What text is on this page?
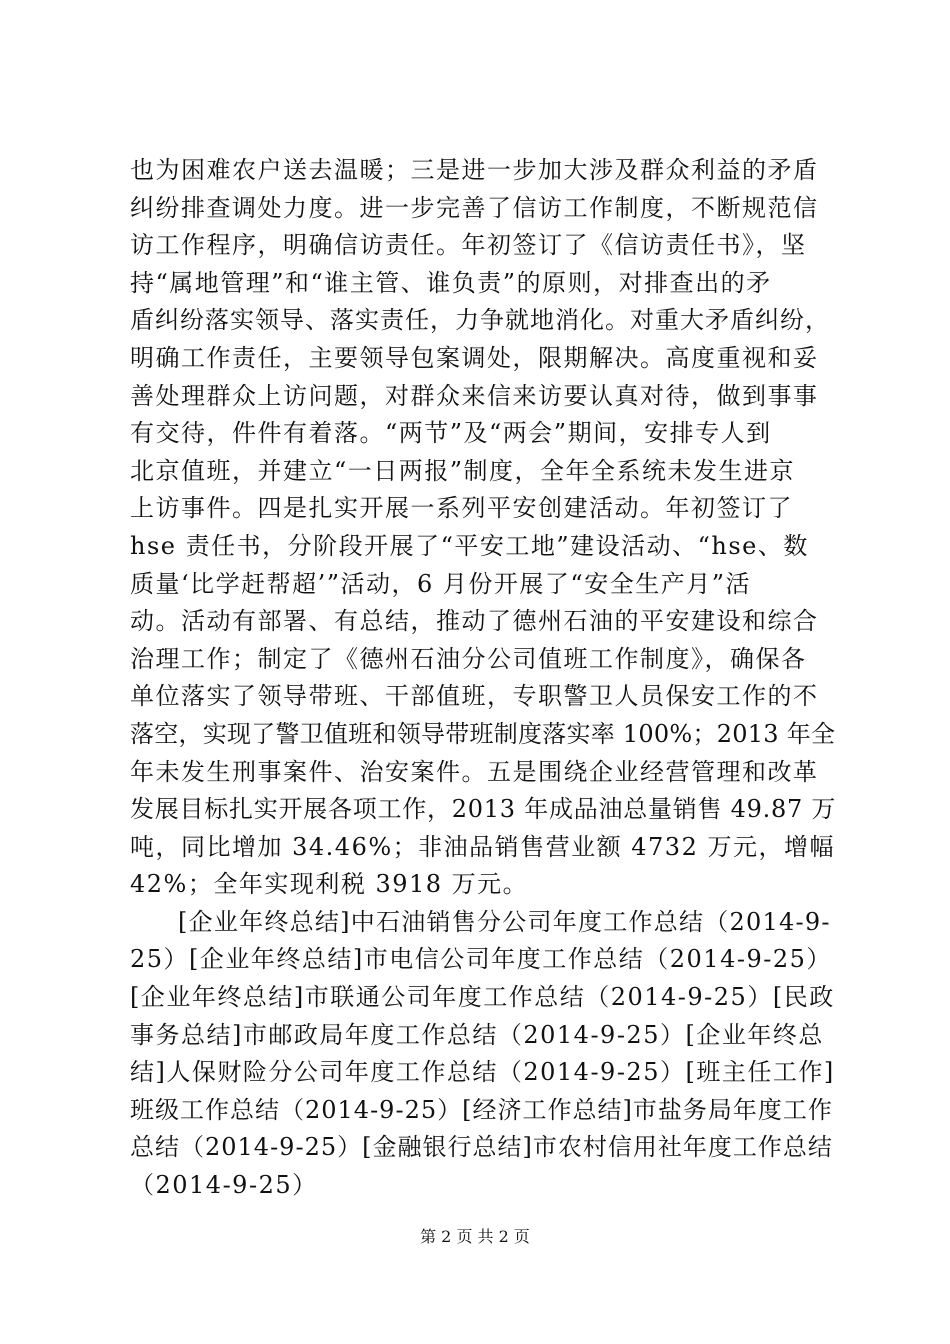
也为困难农户送去温暖；三是进一步加大涉及群众利益的矛盾
纠纷排查调处力度。进一步完善了信访工作制度，不断规范信
访工作程序，明确信访责任。年初签订了《信访责任书》，坚
持“属地管理”和“谁主管、谁负责”的原则，对排查出的矛
盾纠纷落实领导、落实责任，力争就地消化。对重大矛盾纠纷，
明确工作责任，主要领导包案调处，限期解决。高度重视和妥
善处理群众上访问题，对群众来信来访要认真对待，做到事事
有交待，件件有着落。“两节”及“两会”期间，安排专人到
北京值班，并建立“一日两报”制度，全年全系统未发生进京
上访事件。四是扎实开展一系列平安创建活动。年初签订了
hse 责任书，分阶段开展了“平安工地”建设活动、“hse、数
质量‘比学赶帮超’”活动，6 月份开展了“安全生产月”活
动。活动有部署、有总结，推动了德州石油的平安建设和综合
治理工作；制定了《德州石油分公司值班工作制度》，确保各
单位落实了领导带班、干部值班，专职警卫人员保安工作的不
落空，实现了警卫值班和领导带班制度落实率 100%；2013 年全
年未发生刑事案件、治安案件。五是围绕企业经营管理和改革
发展目标扎实开展各项工作，2013 年成品油总量销售 49.87 万
吨，同比增加 34.46%；非油品销售营业额 4732 万元，增幅
42%；全年实现利税 3918 万元。
[企业年终总结]中石油销售分公司年度工作总结（2014-9-
25）[企业年终总结]市电信公司年度工作总结（2014-9-25）
[企业年终总结]市联通公司年度工作总结（2014-9-25）[民政
事务总结]市邮政局年度工作总结（2014-9-25）[企业年终总
结]人保财险分公司年度工作总结（2014-9-25）[班主任工作]
班级工作总结（2014-9-25）[经济工作总结]市盐务局年度工作
总结（2014-9-25）[金融银行总结]市农村信用社年度工作总结
（2014-9-25）
第 2 页 共 2 页
